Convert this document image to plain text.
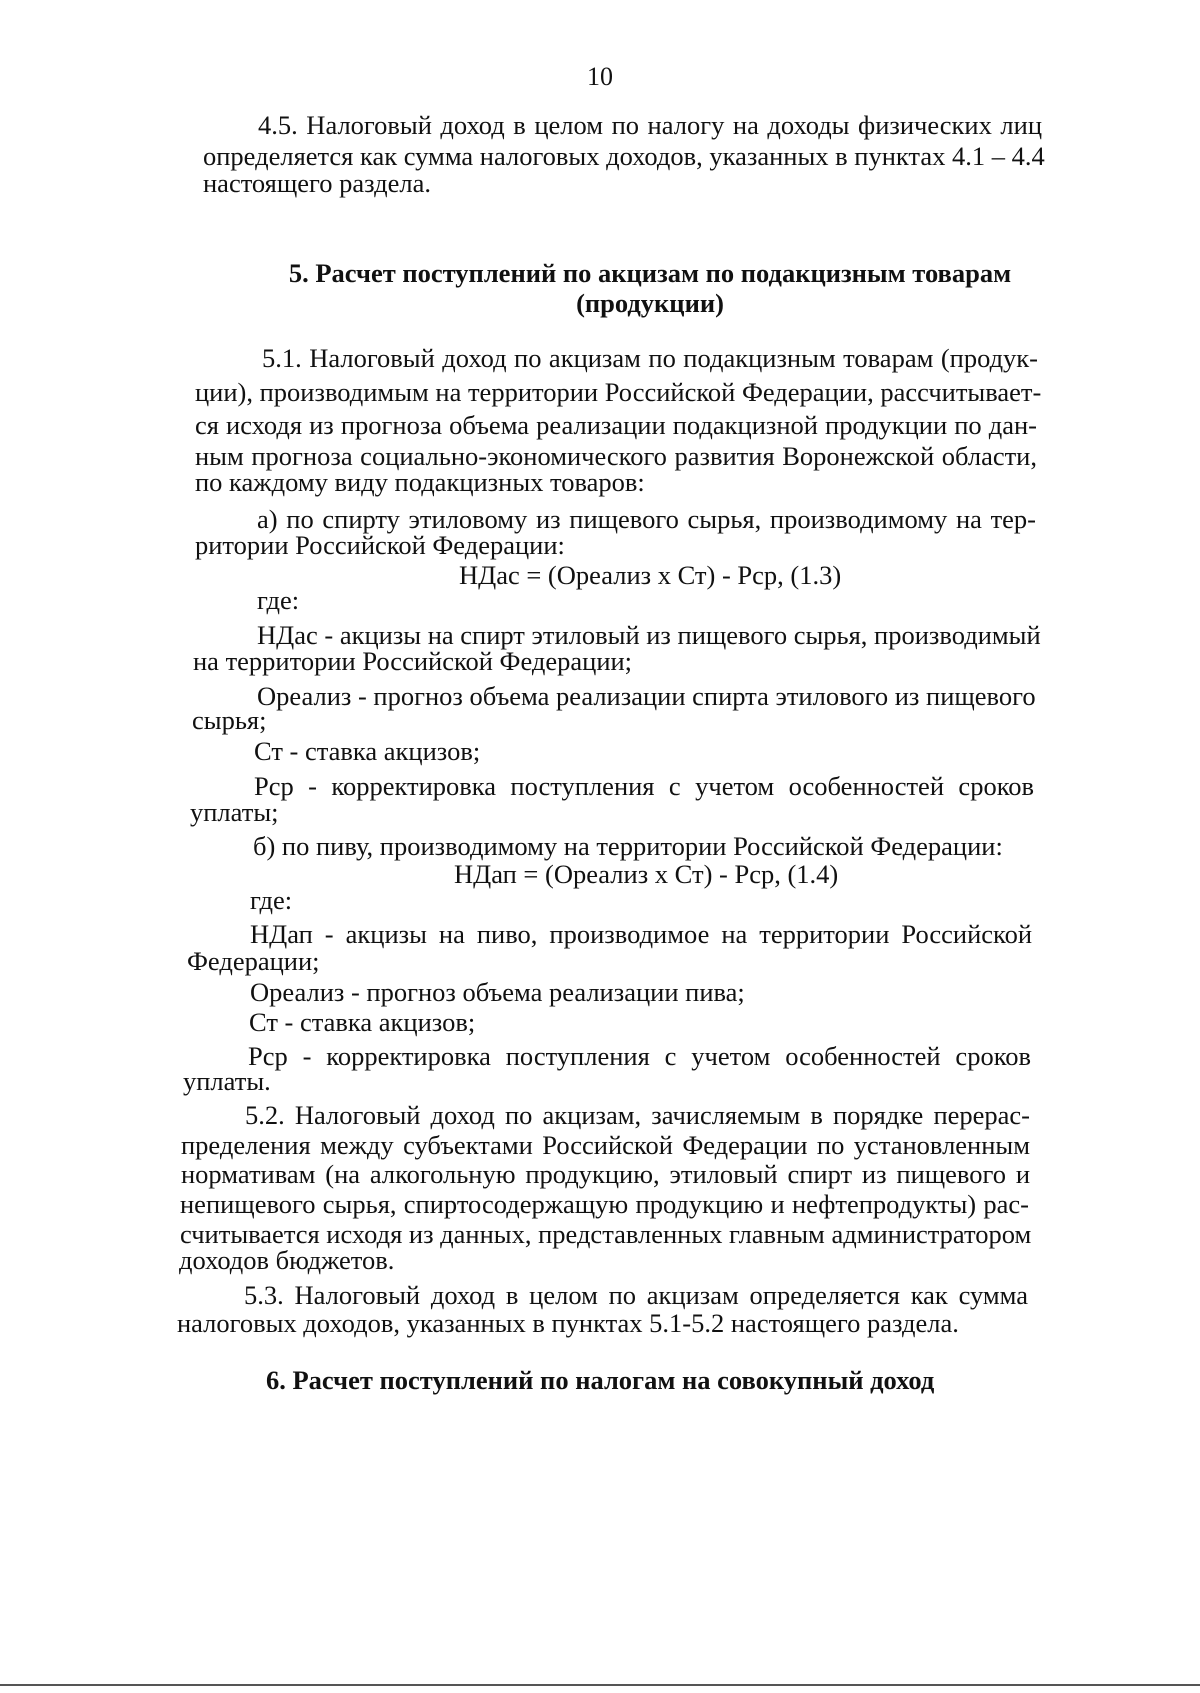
10
4.5. Налоговый доход в целом по налогу на доходы физических лиц
определяется как сумма налоговых доходов, указанных в пунктах 4.1 – 4.4
настоящего раздела.
5. Расчет поступлений по акцизам по подакцизным товарам
(продукции)
5.1. Налоговый доход по акцизам по подакцизным товарам (продук-
ции), производимым на территории Российской Федерации, рассчитывает-
ся исходя из прогноза объема реализации подакцизной продукции по дан-
ным прогноза социально-экономического развития Воронежской области,
по каждому виду подакцизных товаров:
а) по спирту этиловому из пищевого сырья, производимому на тер-
ритории Российской Федерации:
НДас = (Ореализ х Ст) - Рср, (1.3)
где:
НДас - акцизы на спирт этиловый из пищевого сырья, производимый
на территории Российской Федерации;
Ореализ - прогноз объема реализации спирта этилового из пищевого
сырья;
Ст - ставка акцизов;
Рср - корректировка поступления с учетом особенностей сроков
уплаты;
б) по пиву, производимому на территории Российской Федерации:
НДап = (Ореализ х Ст) - Рср, (1.4)
где:
НДап - акцизы на пиво, производимое на территории Российской
Федерации;
Ореализ - прогноз объема реализации пива;
Ст - ставка акцизов;
Рср - корректировка поступления с учетом особенностей сроков
уплаты.
5.2. Налоговый доход по акцизам, зачисляемым в порядке перерас-
пределения между субъектами Российской Федерации по установленным
нормативам (на алкогольную продукцию, этиловый спирт из пищевого и
непищевого сырья, спиртосодержащую продукцию и нефтепродукты) рас-
считывается исходя из данных, представленных главным администратором
доходов бюджетов.
5.3. Налоговый доход в целом по акцизам определяется как сумма
налоговых доходов, указанных в пунктах 5.1-5.2 настоящего раздела.
6. Расчет поступлений по налогам на совокупный доход
